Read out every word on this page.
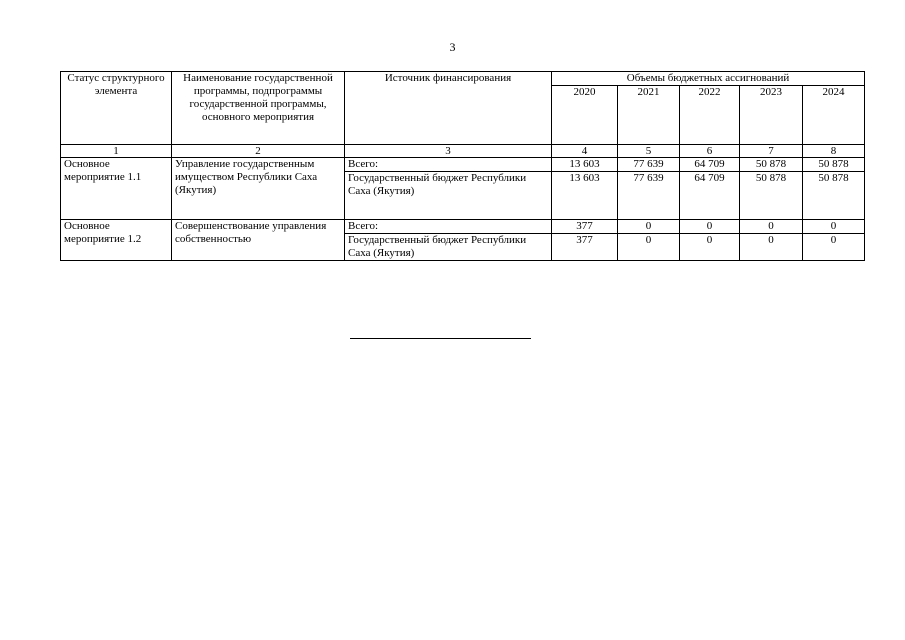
3
Статус структурного элемента	Наименование государственной программы, подпрограммы государственной программы, основного мероприятия	Источник финансирования	Объемы бюджетных ассигнований				
			2020	2021	2022	2023	2024
1	2	3	4	5	6	7	8
Основное мероприятие 1.1	Управление государственным имуществом Республики Саха (Якутия)	Всего:	13 603	77 639	64 709	50 878	50 878
		Государственный бюджет Республики Саха (Якутия)	13 603	77 639	64 709	50 878	50 878
Основное мероприятие 1.2	Совершенствование управления собственностью	Всего:	377	0	0	0	0
		Государственный бюджет Республики Саха (Якутия)	377	0	0	0	0
